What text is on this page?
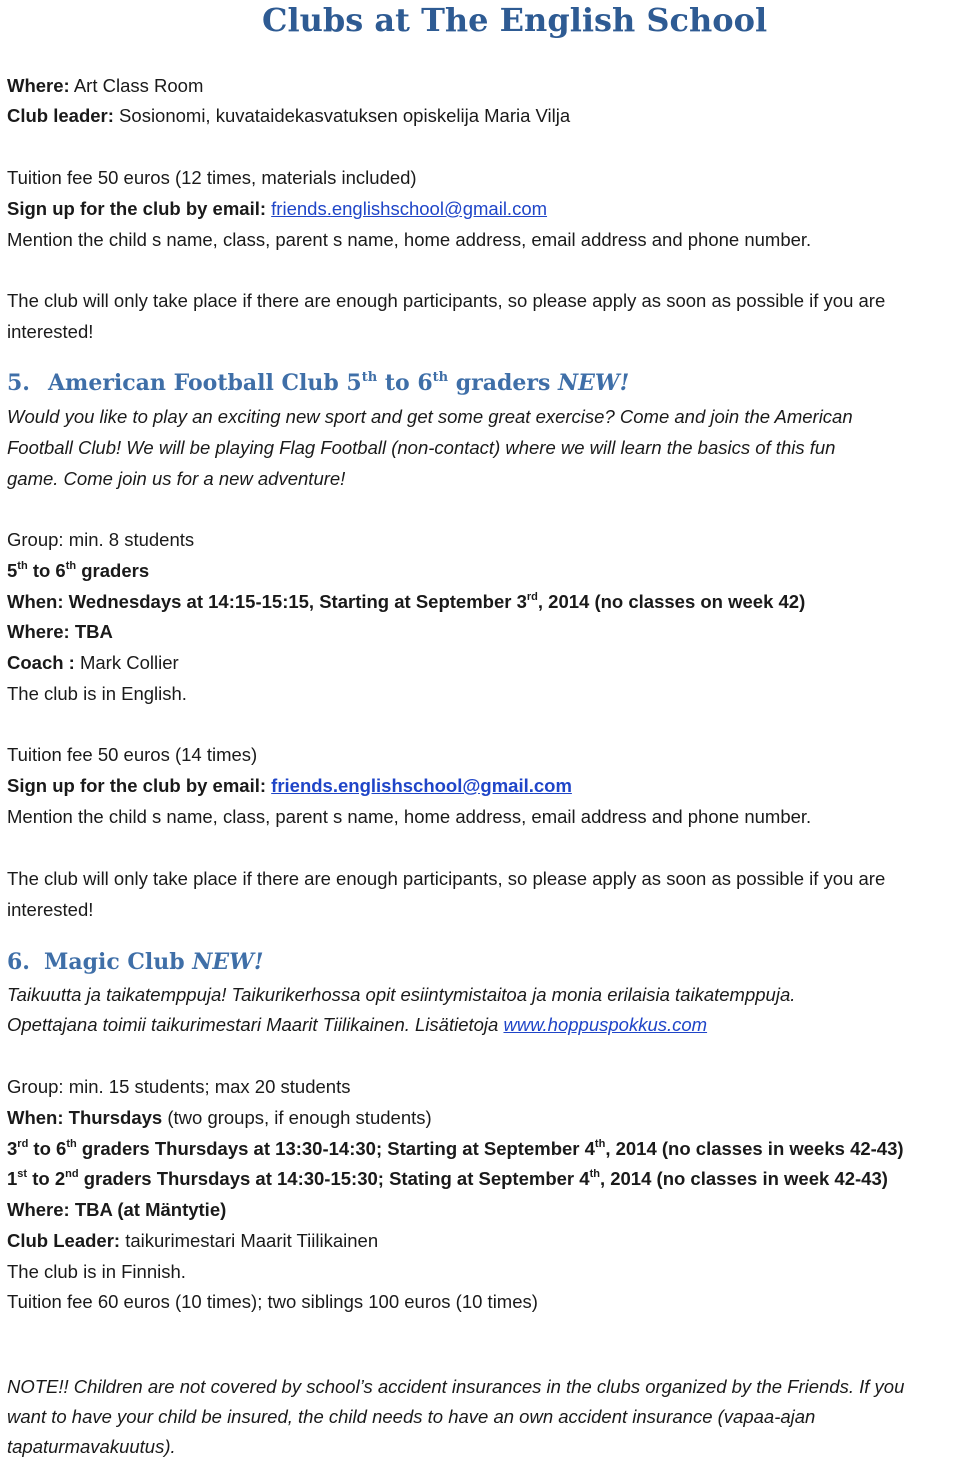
Clubs at The English School
Where: Art Class Room
Club leader: Sosionomi, kuvataidekasvatuksen opiskelija Maria Vilja
Tuition fee 50 euros (12 times, materials included)
Sign up for the club by email: friends.englishschool@gmail.com
Mention the child s name, class, parent s name, home address, email address and phone number.
The club will only take place if there are enough participants, so please apply as soon as possible if you are
interested!
5. American Football Club 5th to 6th graders NEW!
Would you like to play an exciting new sport and get some great exercise? Come and join the American
Football Club! We will be playing Flag Football (non-contact) where we will learn the basics of this fun
game. Come join us for a new adventure!
Group: min. 8 students
5th to 6th graders
When: Wednesdays at 14:15-15:15, Starting at September 3rd, 2014 (no classes on week 42)
Where: TBA
Coach : Mark Collier
The club is in English.
Tuition fee 50 euros (14 times)
Sign up for the club by email: friends.englishschool@gmail.com
Mention the child s name, class, parent s name, home address, email address and phone number.
The club will only take place if there are enough participants, so please apply as soon as possible if you are
interested!
6. Magic Club NEW!
Taikuutta ja taikatemppuja! Taikurikerhossa opit esiintymistaitoa ja monia erilaisia taikatemppuja.
Opettajana toimii taikurimestari Maarit Tiilikainen. Lisätietoja www.hoppuspokkus.com
Group: min. 15 students; max 20 students
When: Thursdays (two groups, if enough students)
3rd to 6th graders Thursdays at 13:30-14:30; Starting at September 4th, 2014 (no classes in weeks 42-43)
1st to 2nd graders Thursdays at 14:30-15:30; Stating at September 4th, 2014 (no classes in week 42-43)
Where: TBA (at Mäntytie)
Club Leader: taikurimestari Maarit Tiilikainen
The club is in Finnish.
Tuition fee 60 euros (10 times); two siblings 100 euros (10 times)
NOTE!! Children are not covered by school’s accident insurances in the clubs organized by the Friends. If you
want to have your child be insured, the child needs to have an own accident insurance (vapaa-ajan
tapaturmavakuutus).
